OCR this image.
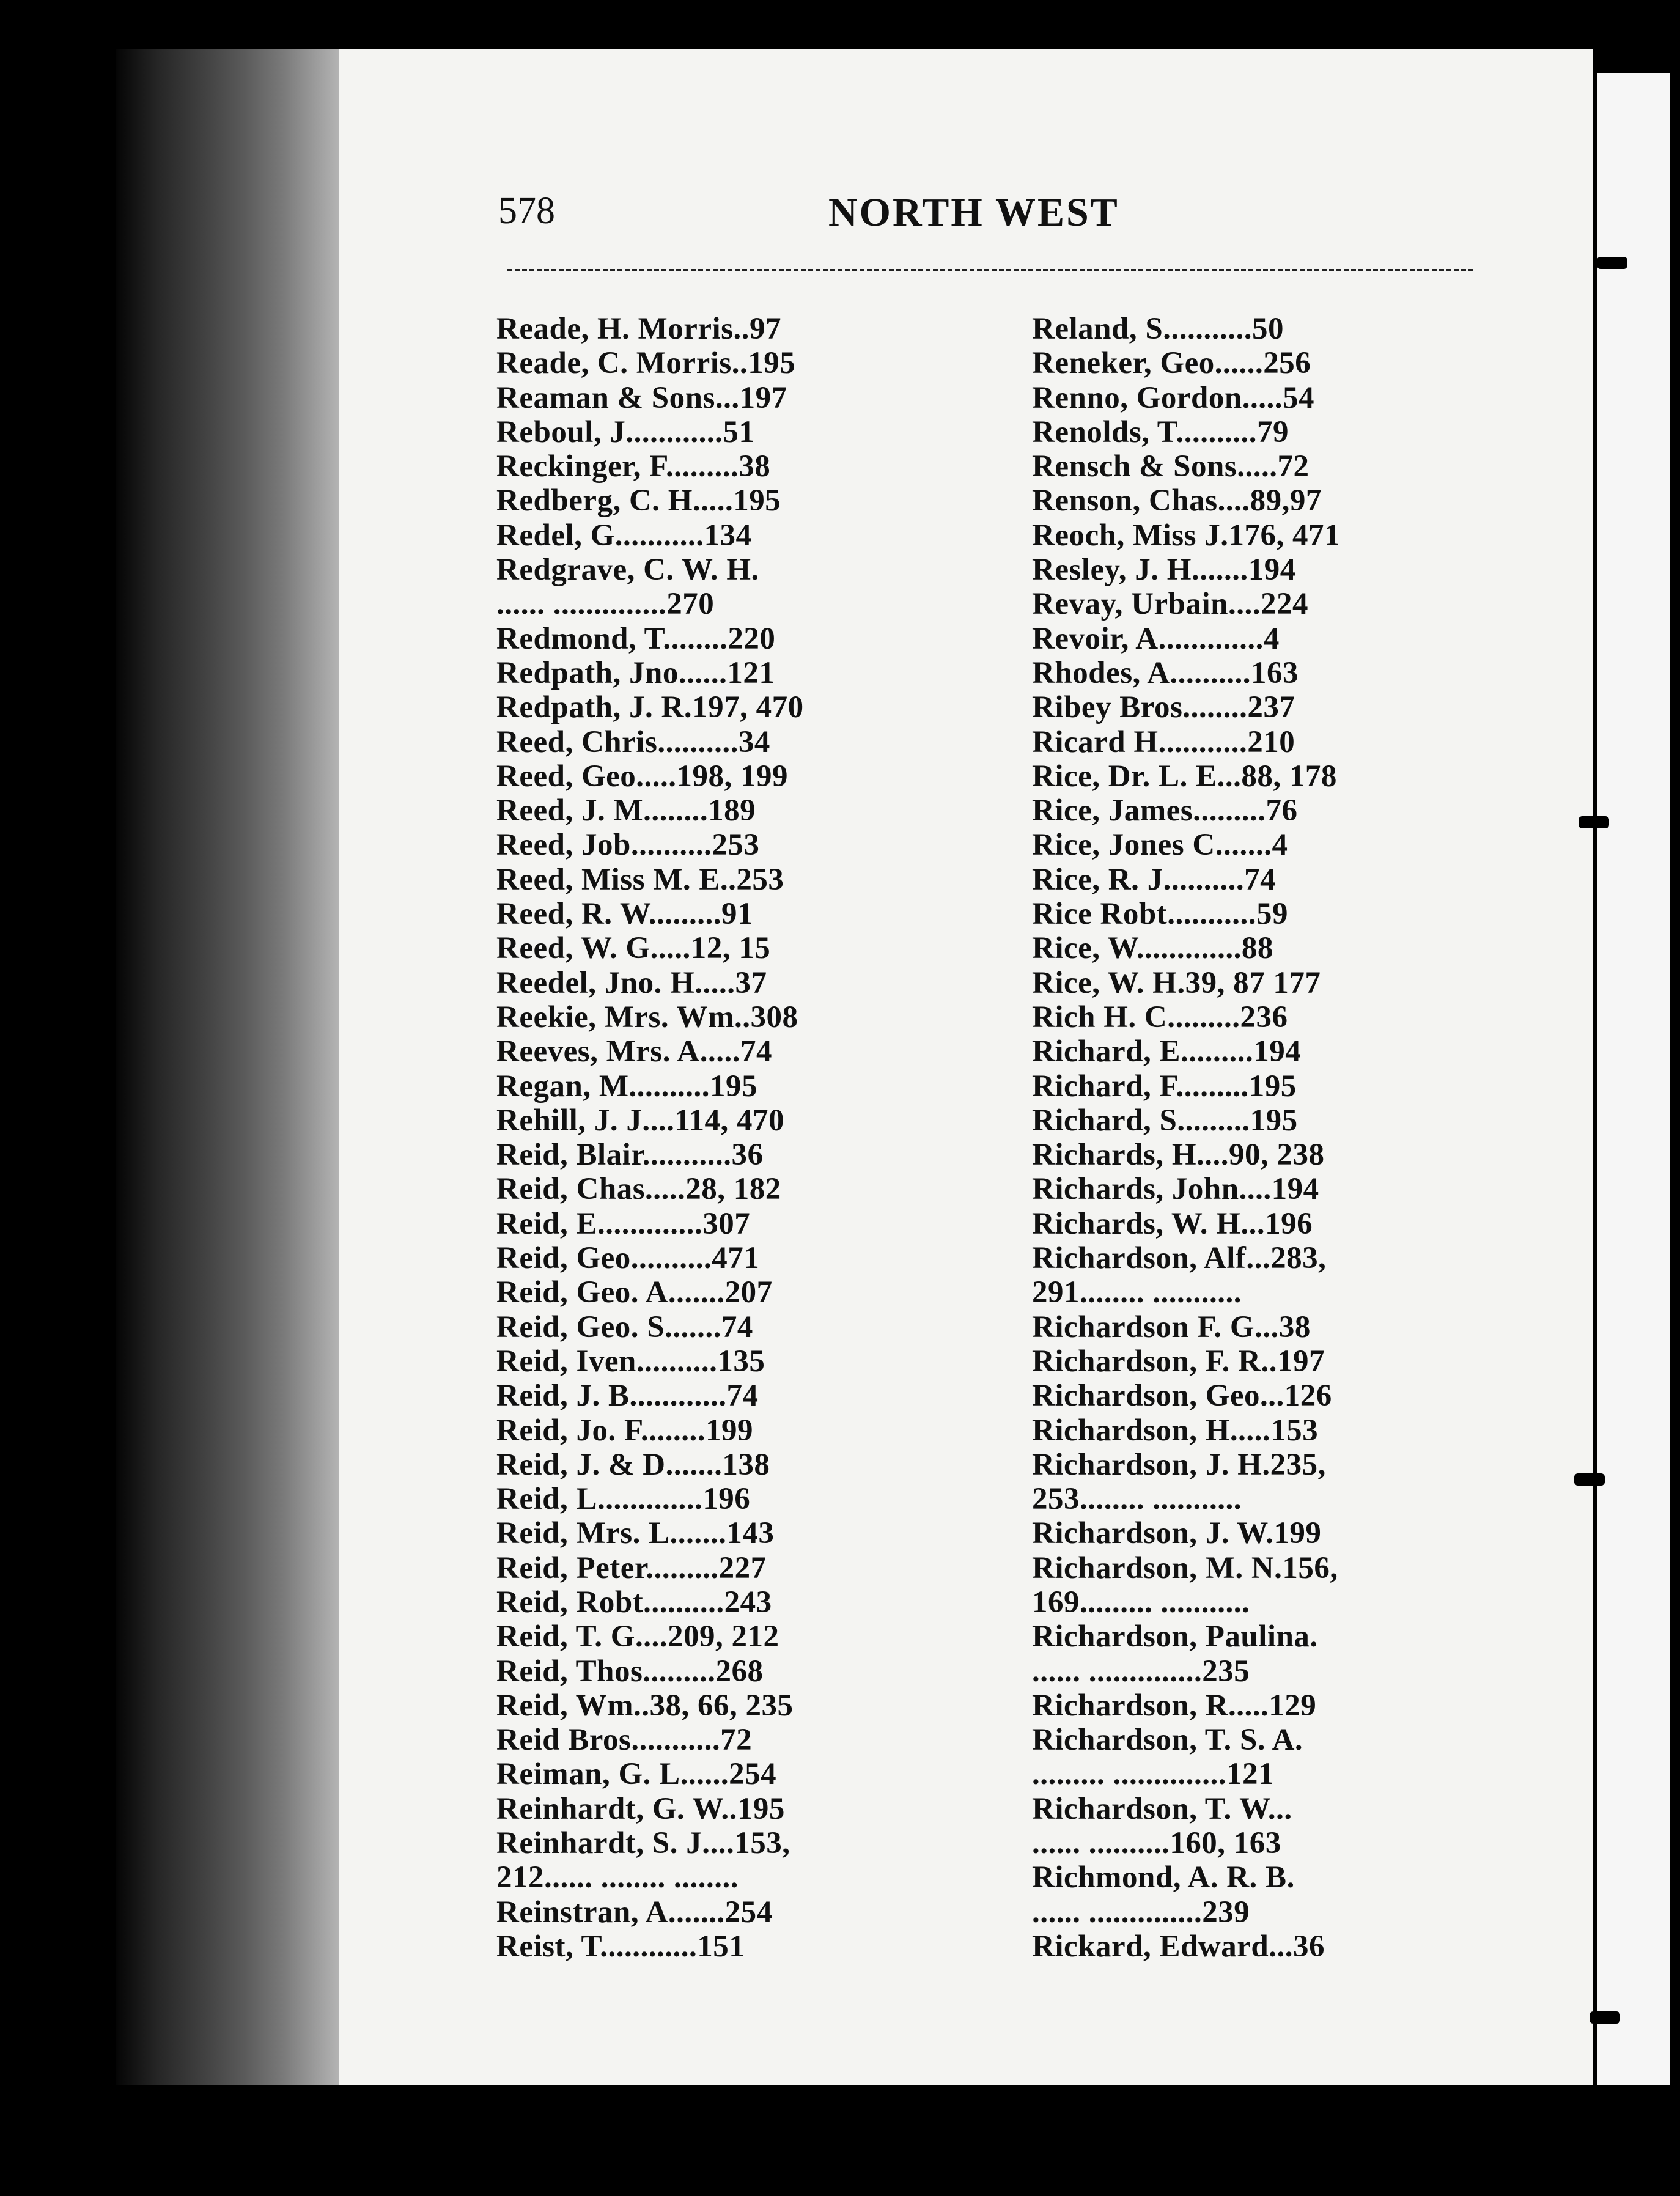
578	NORTH WEST
Reade, H. Morris..97
Reade, C. Morris..195
Reaman & Sons...197
Reboul, J............51
Reckinger, F.........38
Redberg, C. H.....195
Redel, G...........134
Redgrave, C. W. H.
...... ..............270
Redmond, T........220
Redpath, Jno......121
Redpath, J. R.197, 470
Reed, Chris..........34
Reed, Geo.....198, 199
Reed, J. M........189
Reed, Job..........253
Reed, Miss M. E..253
Reed, R. W.........91
Reed, W. G.....12, 15
Reedel, Jno. H.....37
Reekie, Mrs. Wm..308
Reeves, Mrs. A.....74
Regan, M..........195
Rehill, J. J....114, 470
Reid, Blair...........36
Reid, Chas.....28, 182
Reid, E.............307
Reid, Geo..........471
Reid, Geo. A.......207
Reid, Geo. S.......74
Reid, Iven..........135
Reid, J. B............74
Reid, Jo. F........199
Reid, J. & D.......138
Reid, L.............196
Reid, Mrs. L.......143
Reid, Peter.........227
Reid, Robt..........243
Reid, T. G....209, 212
Reid, Thos.........268
Reid, Wm..38, 66, 235
Reid Bros...........72
Reiman, G. L......254
Reinhardt, G. W..195
Reinhardt, S. J....153,
212...... ........ ........
Reinstran, A.......254
Reist, T............151
Reland, S...........50
Reneker, Geo......256
Renno, Gordon.....54
Renolds, T..........79
Rensch & Sons.....72
Renson, Chas....89,97
Reoch, Miss J.176, 471
Resley, J. H.......194
Revay, Urbain....224
Revoir, A.............4
Rhodes, A..........163
Ribey Bros........237
Ricard H...........210
Rice, Dr. L. E...88, 178
Rice, James.........76
Rice, Jones C.......4
Rice, R. J..........74
Rice Robt...........59
Rice, W.............88
Rice, W. H.39, 87 177
Rich H. C.........236
Richard, E.........194
Richard, F.........195
Richard, S.........195
Richards, H....90, 238
Richards, John....194
Richards, W. H...196
Richardson, Alf...283,
291........ ...........
Richardson F. G...38
Richardson, F. R..197
Richardson, Geo...126
Richardson, H.....153
Richardson, J. H.235,
253........ ...........
Richardson, J. W.199
Richardson, M. N.156,
169......... ...........
Richardson, Paulina.
...... ..............235
Richardson, R.....129
Richardson, T. S. A.
......... ..............121
Richardson, T. W...
...... ..........160, 163
Richmond, A. R. B.
...... ..............239
Rickard, Edward...36
